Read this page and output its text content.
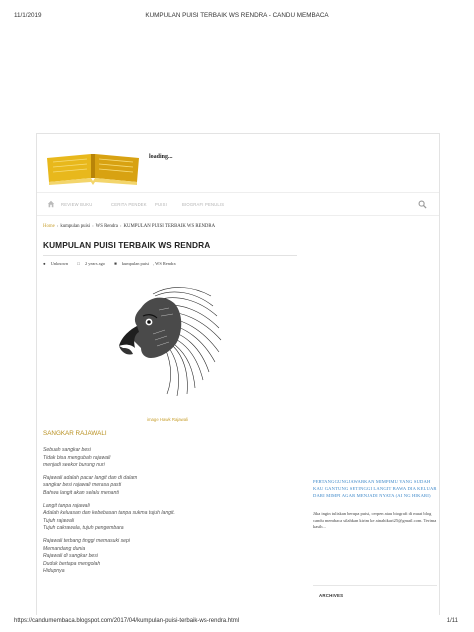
11/1/2019	KUMPULAN PUISI TERBAIK WS RENDRA - CANDU MEMBACA
loading...
REVIEW BUKU	CERITA PENDEK PUISI	BIOGRAFI PENULIS
Home › kumpulan puisi › WS Rendra › KUMPULAN PUISI TERBAIK WS RENDRA
KUMPULAN PUISI TERBAIK WS RENDRA
● Unknown □ 2 years ago ■ kumpulan puisi , WS Rendra
image Hawk Rajawali
SANGKAR RAJAWALI
Sebuah sangkar besi
Tidak bisa mengubah rajawali
menjadi seekor burung nuri
Rajawali adalah pacar langit dan di dalam
sangkar besi rajawali merasa pasti
Bahwa langit akan selalu menanti
Langit tanpa rajawali
Adalah keluasan dan kebebasan tanpa sukma tujuh langit.
Tujuh rajawali
Tujuh cakrawala, tujuh pengembara
Rajawali terbang tinggi memasuki sepi
Memandang dunia
Rajawali di sangkar besi
Duduk bertapa mengolah
Hidupnya
PERTANGGUNGJAWABKAN MIMPIMU YANG SUDAH KAU GANTUNG SETINGGI LANGIT BAWA DIA KELUAR DARI MIMPI AGAR MENJADI NYATA (AI NG HIKARI)
Jika ingin tuliskan berupa puisi, cerpen atau biografi di muat blog candu membaca silahkan kirim ke ainahikari25@gmail.com. Terima kasih...
ARCHIVES
https://candumembaca.blogspot.com/2017/04/kumpulan-puisi-terbaik-ws-rendra.html	1/11
